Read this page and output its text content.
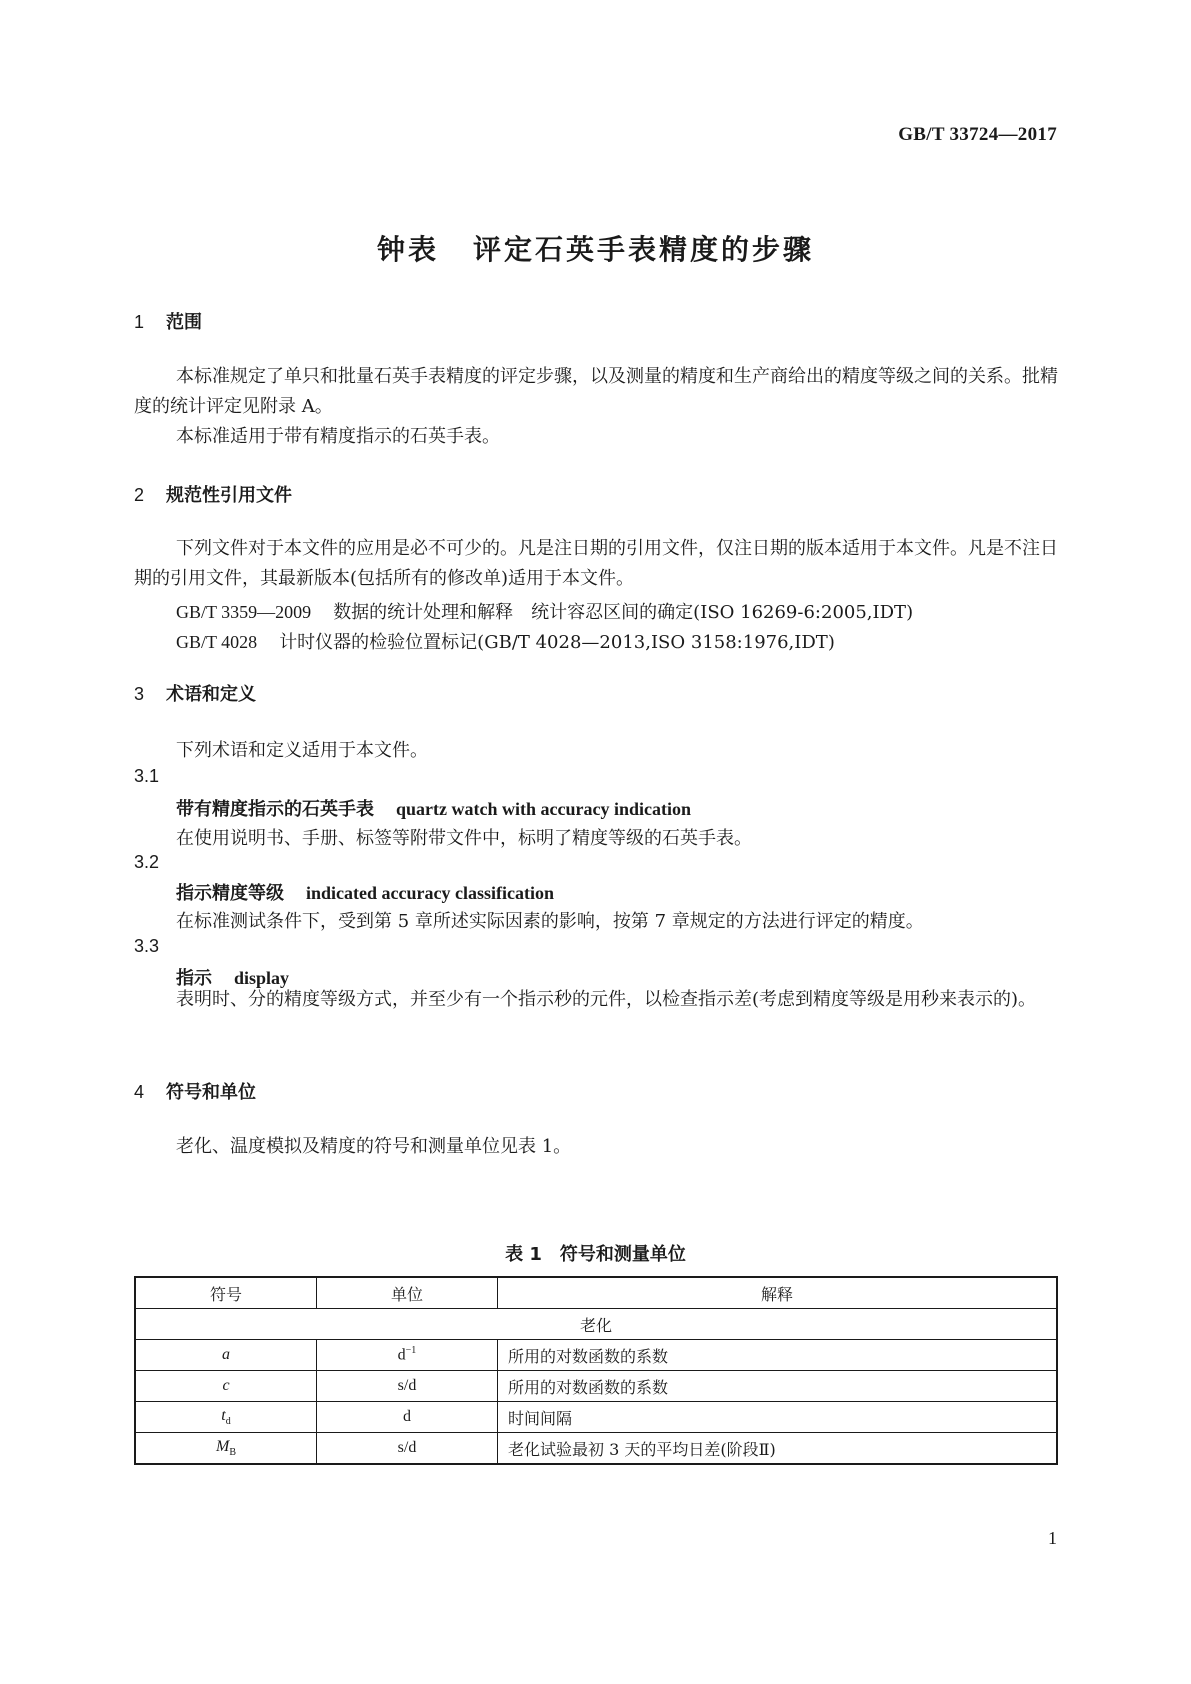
GB/T 33724—2017
钟表 评定石英手表精度的步骤
1 范围
本标准规定了单只和批量石英手表精度的评定步骤，以及测量的精度和生产商给出的精度等级之间的关系。批精度的统计评定见附录 A。
本标准适用于带有精度指示的石英手表。
2 规范性引用文件
下列文件对于本文件的应用是必不可少的。凡是注日期的引用文件，仅注日期的版本适用于本文件。凡是不注日期的引用文件，其最新版本(包括所有的修改单)适用于本文件。
GB/T 3359—2009 数据的统计处理和解释　统计容忍区间的确定(ISO 16269-6:2005,IDT)
GB/T 4028 计时仪器的检验位置标记(GB/T 4028—2013,ISO 3158:1976,IDT)
3 术语和定义
下列术语和定义适用于本文件。
3.1
带有精度指示的石英手表 quartz watch with accuracy indication
在使用说明书、手册、标签等附带文件中，标明了精度等级的石英手表。
3.2
指示精度等级 indicated accuracy classification
在标准测试条件下，受到第 5 章所述实际因素的影响，按第 7 章规定的方法进行评定的精度。
3.3
指示 display
表明时、分的精度等级方式，并至少有一个指示秒的元件，以检查指示差(考虑到精度等级是用秒来表示的)。
4 符号和单位
老化、温度模拟及精度的符号和测量单位见表 1。
表 1　符号和测量单位
符号	单位	解释
老化		
a	$d^{-1}$	所用的对数函数的系数
c	s/d	所用的对数函数的系数
$t_d$	d	时间间隔
$M_B$	s/d	老化试验最初 3 天的平均日差(阶段Ⅱ)
1
